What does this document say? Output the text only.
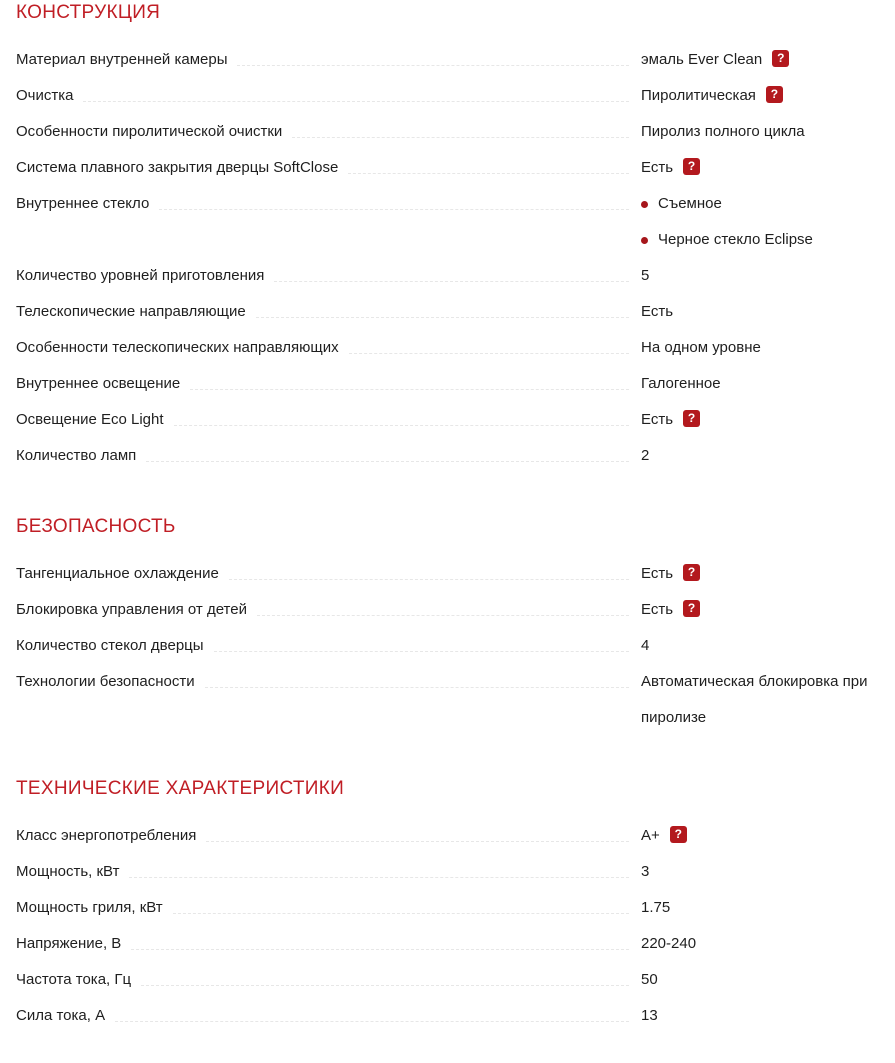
КОНСТРУКЦИЯ
Материал внутренней камеры	эмаль Ever Clean ?
Очистка	Пиролитическая ?
Особенности пиролитической очистки	Пиролиз полного цикла
Система плавного закрытия дверцы SoftClose	Есть ?
Внутреннее стекло	Съемное
Черное стекло Eclipse
Количество уровней приготовления	5
Телескопические направляющие	Есть
Особенности телескопических направляющих	На одном уровне
Внутреннее освещение	Галогенное
Освещение Eco Light	Есть ?
Количество ламп	2
БЕЗОПАСНОСТЬ
Тангенциальное охлаждение	Есть ?
Блокировка управления от детей	Есть ?
Количество стекол дверцы	4
Технологии безопасности	Автоматическая блокировка при пиролизе
ТЕХНИЧЕСКИЕ ХАРАКТЕРИСТИКИ
Класс энергопотребления	A+ ?
Мощность, кВт	3
Мощность гриля, кВт	1.75
Напряжение, В	220-240
Частота тока, Гц	50
Сила тока, А	13
